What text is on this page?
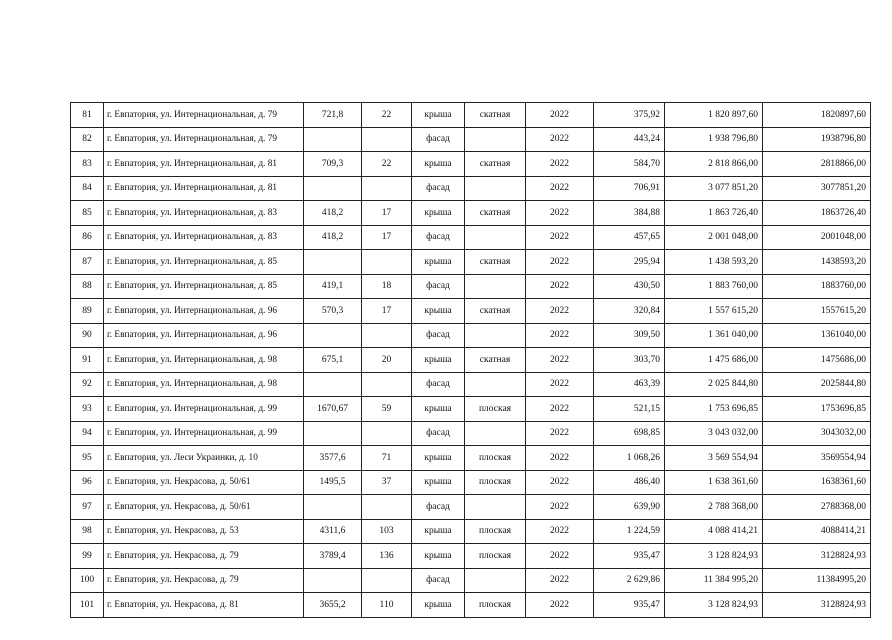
81	г. Евпатория, ул. Интернациональная, д. 79	721,8	22	крыша	скатная	2022	375,92	1 820 897,60	1820897,60
82	г. Евпатория, ул. Интернациональная, д. 79			фасад		2022	443,24	1 938 796,80	1938796,80
83	г. Евпатория, ул. Интернациональная, д. 81	709,3	22	крыша	скатная	2022	584,70	2 818 866,00	2818866,00
84	г. Евпатория, ул. Интернациональная, д. 81			фасад		2022	706,91	3 077 851,20	3077851,20
85	г. Евпатория, ул. Интернациональная, д. 83	418,2	17	крыша	скатная	2022	384,88	1 863 726,40	1863726,40
86	г. Евпатория, ул. Интернациональная, д. 83	418,2	17	фасад		2022	457,65	2 001 048,00	2001048,00
87	г. Евпатория, ул. Интернациональная, д. 85			крыша	скатная	2022	295,94	1 438 593,20	1438593,20
88	г. Евпатория, ул. Интернациональная, д. 85	419,1	18	фасад		2022	430,50	1 883 760,00	1883760,00
89	г. Евпатория, ул. Интернациональная, д. 96	570,3	17	крыша	скатная	2022	320,84	1 557 615,20	1557615,20
90	г. Евпатория, ул. Интернациональная, д. 96			фасад		2022	309,50	1 361 040,00	1361040,00
91	г. Евпатория, ул. Интернациональная, д. 98	675,1	20	крыша	скатная	2022	303,70	1 475 686,00	1475686,00
92	г. Евпатория, ул. Интернациональная, д. 98			фасад		2022	463,39	2 025 844,80	2025844,80
93	г. Евпатория, ул. Интернациональная, д. 99	1670,67	59	крыша	плоская	2022	521,15	1 753 696,85	1753696,85
94	г. Евпатория, ул. Интернациональная, д. 99			фасад		2022	698,85	3 043 032,00	3043032,00
95	г. Евпатория, ул. Леси Украинки, д. 10	3577,6	71	крыша	плоская	2022	1 068,26	3 569 554,94	3569554,94
96	г. Евпатория, ул. Некрасова, д. 50/61	1495,5	37	крыша	плоская	2022	486,40	1 638 361,60	1638361,60
97	г. Евпатория, ул. Некрасова, д. 50/61			фасад		2022	639,90	2 788 368,00	2788368,00
98	г. Евпатория, ул. Некрасова, д. 53	4311,6	103	крыша	плоская	2022	1 224,59	4 088 414,21	4088414,21
99	г. Евпатория, ул. Некрасова, д. 79	3789,4	136	крыша	плоская	2022	935,47	3 128 824,93	3128824,93
100	г. Евпатория, ул. Некрасова, д. 79			фасад		2022	2 629,86	11 384 995,20	11384995,20
101	г. Евпатория, ул. Некрасова, д. 81	3655,2	110	крыша	плоская	2022	935,47	3 128 824,93	3128824,93
